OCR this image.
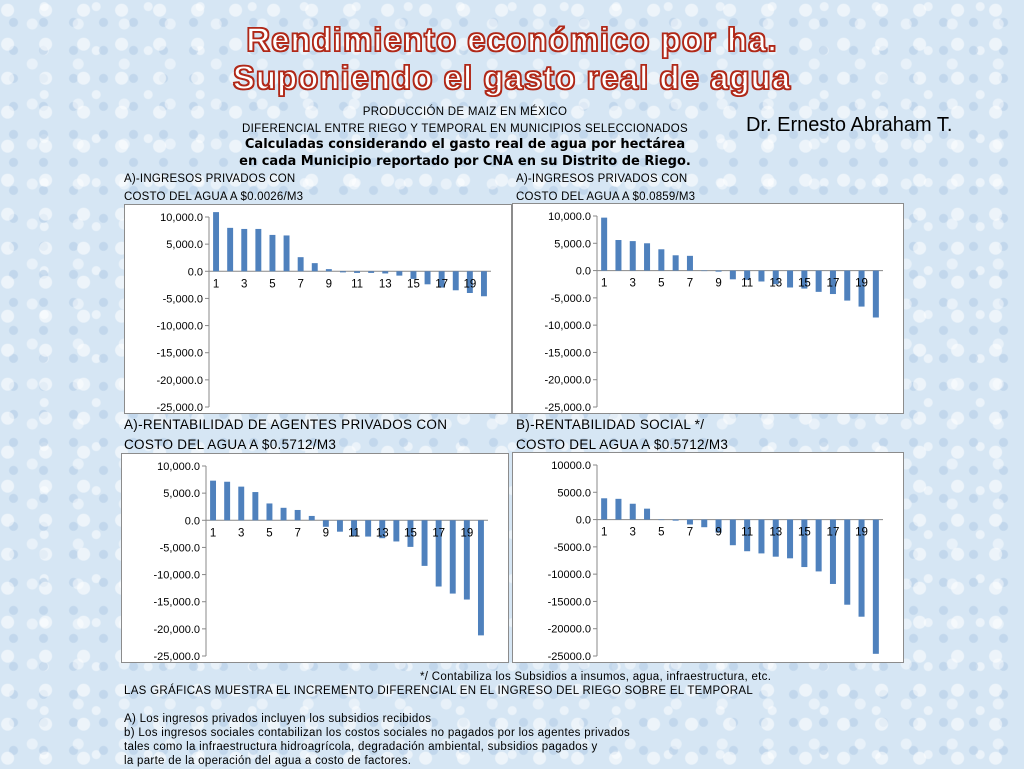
Rendimiento económico por ha.
Suponiendo el gasto real de agua
Dr. Ernesto Abraham T.
PRODUCCIÓN DE MAIZ EN MÉXICO
DIFERENCIAL ENTRE RIEGO Y TEMPORAL EN MUNICIPIOS SELECCIONADOS
Calculadas considerando el gasto real de agua por hectárea
en cada Municipio reportado por CNA en su Distrito de Riego.
A)-INGRESOS PRIVADOS CON
COSTO DEL AGUA A $0.0026/M3
A)-INGRESOS PRIVADOS CON
COSTO DEL AGUA A $0.0859/M3
A)-RENTABILIDAD DE AGENTES PRIVADOS CON
COSTO DEL AGUA A $0.5712/M3
B)-RENTABILIDAD SOCIAL */
COSTO DEL AGUA A $0.5712/M3
10,000.0
5,000.0
0.0
-5,000.0
-10,000.0
-15,000.0
-20,000.0
-25,000.0
1 3 5 7 9 11 13 15 17 19
10,000.0
5,000.0
0.0
-5,000.0
-10,000.0
-15,000.0
-20,000.0
-25,000.0
1 3 5 7 9 11 13 15 17 19
10,000.0
5,000.0
0.0
-5,000.0
-10,000.0
-15,000.0
-20,000.0
-25,000.0
1 3 5 7 9 11 13 15 17 19
10000.0
5000.0
0.0
-5000.0
-10000.0
-15000.0
-20000.0
-25000.0
1 3 5 7 9 11 13 15 17 19
*/ Contabiliza los Subsidios a insumos, agua, infraestructura, etc.
LAS GRÁFICAS MUESTRA EL INCREMENTO DIFERENCIAL EN EL INGRESO DEL RIEGO SOBRE EL TEMPORAL
A) Los ingresos privados incluyen los subsidios recibidos
b) Los ingresos sociales contabilizan los costos sociales no pagados por los agentes privados
tales como la infraestructura hidroagrícola, degradación ambiental, subsidios pagados y
la parte de la operación del agua a costo de factores.
